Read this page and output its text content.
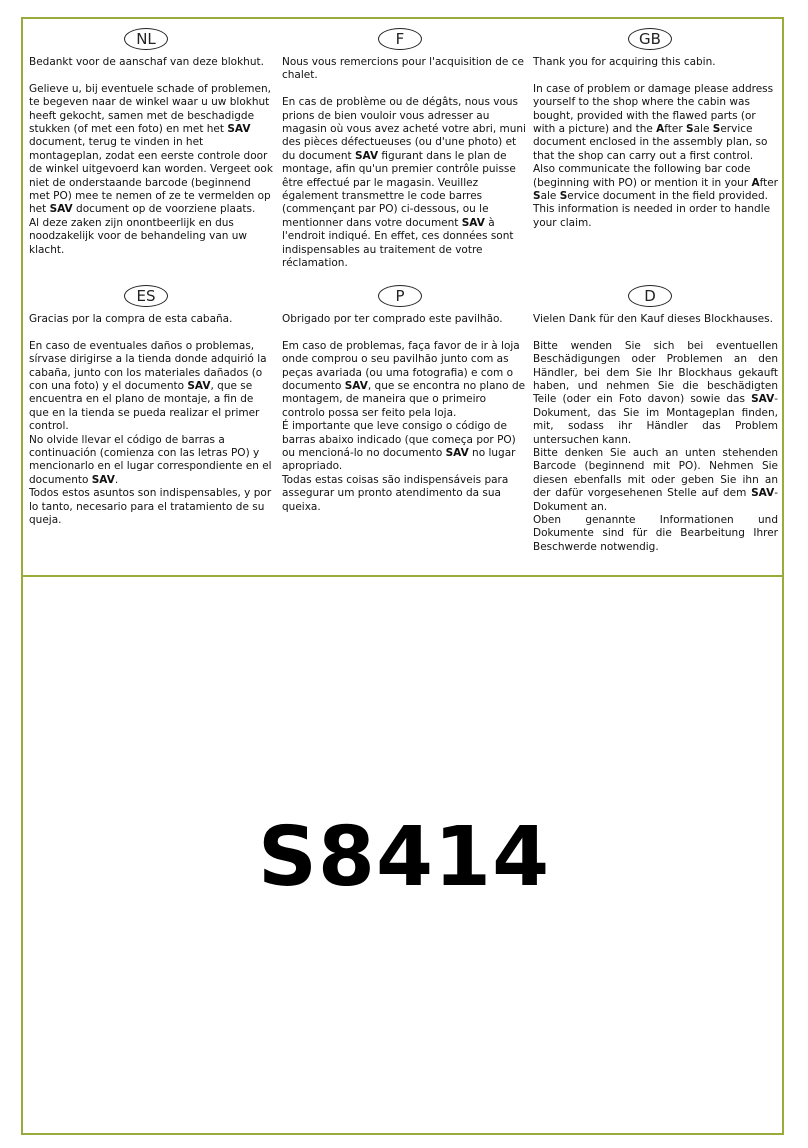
NL

Bedankt voor de aanschaf van deze blokhut.

Gelieve u, bij eventuele schade of problemen, te begeven naar de winkel waar u uw blokhut heeft gekocht, samen met de beschadigde stukken (of met een foto) en met het SAV document, terug te vinden in het montageplan, zodat een eerste controle door de winkel uitgevoerd kan worden. Vergeet ook niet de onderstaande barcode (beginnend met PO) mee te nemen of ze te vermelden op het SAV document op de voorziene plaats.
Al deze zaken zijn onontbeerlijk en dus noodzakelijk voor de behandeling van uw klacht.

F

Nous vous remercions pour l'acquisition de ce chalet.

En cas de problème ou de dégâts, nous vous prions de bien vouloir vous adresser au magasin où vous avez acheté votre abri, muni des pièces défectueuses (ou d'une photo) et du document SAV figurant dans le plan de montage, afin qu'un premier contrôle puisse être effectué par le magasin. Veuillez également transmettre le code barres (commençant par PO) ci-dessous, ou le mentionner dans votre document SAV à l'endroit indiqué. En effet, ces données sont indispensables au traitement de votre réclamation.

GB

Thank you for acquiring this cabin.

In case of problem or damage please address yourself to the shop where the cabin was bought, provided with the flawed parts (or with a picture) and the After Sale Service document enclosed in the assembly plan, so that the shop can carry out a first control. Also communicate the following bar code (beginning with PO) or mention it in your After Sale Service document in the field provided. This information is needed in order to handle your claim.

ES

Gracias por la compra de esta cabaña.

En caso de eventuales daños o problemas, sírvase dirigirse a la tienda donde adquirió la cabaña, junto con los materiales dañados (o con una foto) y el documento SAV, que se encuentra en el plano de montaje, a fin de que en la tienda se pueda realizar el primer control.
No olvide llevar el código de barras a continuación (comienza con las letras PO) y mencionarlo en el lugar correspondiente en el documento SAV.
Todos estos asuntos son indispensables, y por lo tanto, necesario para el tratamiento de su queja.

P

Obrigado por ter comprado este pavilhão.

Em caso de problemas, faça favor de ir à loja onde comprou o seu pavilhão junto com as peças avariada (ou uma fotografia) e com o documento SAV, que se encontra no plano de montagem, de maneira que o primeiro controlo possa ser feito pela loja.
É importante que leve consigo o código de barras abaixo indicado (que começa por PO) ou mencioná-lo no documento SAV no lugar apropriado.
Todas estas coisas são indispensáveis para assegurar um pronto atendimento da sua queixa.

D

Vielen Dank für den Kauf dieses Blockhauses.

Bitte wenden Sie sich bei eventuellen Beschädigungen oder Problemen an den Händler, bei dem Sie Ihr Blockhaus gekauft haben, und nehmen Sie die beschädigten Teile (oder ein Foto davon) sowie das SAV-Dokument, das Sie im Montageplan finden, mit, sodass ihr Händler das Problem untersuchen kann.
Bitte denken Sie auch an unten stehenden Barcode (beginnend mit PO). Nehmen Sie diesen ebenfalls mit oder geben Sie ihn an der dafür vorgesehenen Stelle auf dem SAV-Dokument an.
Oben genannte Informationen und Dokumente sind für die Bearbeitung Ihrer Beschwerde notwendig.

S8414
